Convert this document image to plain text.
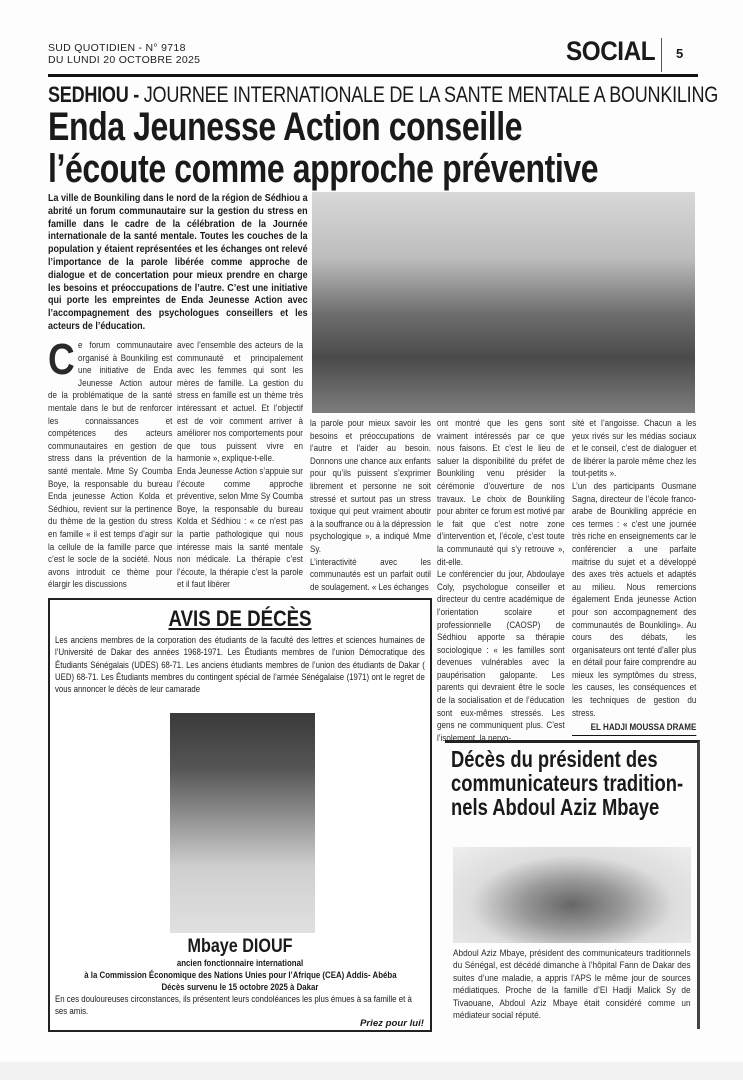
SUD QUOTIDIEN - N° 9718
DU LUNDI 20 OCTOBRE 2025	SOCIAL 5
SEDHIOU - JOURNEE INTERNATIONALE DE LA SANTE MENTALE A BOUNKILING
Enda Jeunesse Action conseille
l’écoute comme approche préventive
La ville de Bounkiling dans le nord de la région de Sédhiou a abrité un forum communautaire sur la gestion du stress en famille dans le cadre de la célébration de la Journée internationale de la santé mentale. Toutes les couches de la population y étaient représentées et les échanges ont relevé l’importance de la parole libérée comme approche de dialogue et de concertation pour mieux prendre en charge les besoins et préoccupations de l’autre. C’est une initiative qui porte les empreintes de Enda Jeunesse Action avec l’accompagnement des psychologues conseillers et les acteurs de l’éducation.
Ce forum communautaire organisé à Bounkiling est une initiative de Enda Jeunesse Action autour de la problématique de la santé mentale dans le but de renforcer les connaissances et compétences des acteurs communautaires en gestion de stress dans la prévention de la santé mentale. Mme Sy Coumba Boye, la responsable du bureau Enda jeunesse Action Kolda et Sédhiou, revient sur la pertinence du thème de la gestion du stress en famille « il est temps d’agir sur la cellule de la famille parce que c’est le socle de la société. Nous avons introduit ce thème pour élargir les discussions
avec l’ensemble des acteurs de la communauté et principalement avec les femmes qui sont les mères de famille. La gestion du stress en famille est un thème très intéressant et actuel. Et l’objectif est de voir comment arriver à améliorer nos comportements pour que tous puissent vivre en harmonie », explique-t-elle.
Enda Jeunesse Action s’appuie sur l’écoute comme approche préventive, selon Mme Sy Coumba Boye, la responsable du bureau Kolda et Sédhiou : « ce n’est pas la partie pathologique qui nous intéresse mais la santé mentale non médicale. La thérapie c’est l’écoute, la thérapie c’est la parole et il faut libérer
la parole pour mieux savoir les besoins et préoccupations de l’autre et l’aider au besoin. Donnons une chance aux enfants pour qu’ils puissent s’exprimer librement et personne ne soit stressé et surtout pas un stress toxique qui peut vraiment aboutir à la souffrance ou à la dépression psychologique », a indiqué Mme Sy.
L’interactivité avec les communautés est un parfait outil de soulagement. « Les échanges
ont montré que les gens sont vraiment intéressés par ce que nous faisons. Et c’est le lieu de saluer la disponibilité du préfet de Bounkiling venu présider la cérémonie d’ouverture de nos travaux. Le choix de Bounkiling pour abriter ce forum est motivé par le fait que c’est notre zone d’intervention et, l’école, c’est toute la communauté qui s’y retrouve », dit-elle.
Le conférencier du jour, Abdoulaye Coly, psychologue conseiller et directeur du centre académique de l’orientation scolaire et professionnelle (CAOSP) de Sédhiou apporte sa thérapie sociologique : « les familles sont devenues vulnérables avec la paupérisation galopante. Les parents qui devraient être le socle de la socialisation et de l’éducation sont eux-mêmes stressés. Les gens ne communiquent plus. C’est l’isolement, la nervo-
sité et l’angoisse. Chacun a les yeux rivés sur les médias sociaux et le conseil, c’est de dialoguer et de libérer la parole même chez les tout-petits ».
L’un des participants Ousmane Sagna, directeur de l’école franco-arabe de Bounkiling apprécie en ces termes : « c’est une journée très riche en enseignements car le conférencier a une parfaite maitrise du sujet et a développé des axes très actuels et adaptés au milieu. Nous remercions également Enda jeunesse Action pour son accompagnement des communautés de Bounkiling». Au cours des débats, les organisateurs ont tenté d’aller plus en détail pour faire comprendre au mieux les symptômes du stress, les causes, les conséquences et les techniques de gestion du stress.
EL HADJI MOUSSA DRAME
AVIS DE DÉCÈS
Les anciens membres de la corporation des étudiants de la faculté des lettres et sciences humaines de l’Université de Dakar des années 1968-1971. Les Étudiants membres de l’union Démocratique des Étudiants Sénégalais (UDES) 68-71. Les anciens étudiants membres de l’union des étudiants de Dakar ( UED) 68-71. Les Étudiants membres du contingent spécial de l’armée Sénégalaise (1971) ont le regret de vous annoncer le décès de leur camarade
Mbaye DIOUF
ancien fonctionnaire international
à la Commission Économique des Nations Unies pour l’Afrique (CEA) Addis- Abéba
Décès survenu le 15 octobre 2025 à Dakar
En ces douloureuses circonstances, ils présentent leurs condoléances les plus émues à sa famille et à ses amis.
Priez pour lui!
Décès du président des
communicateurs tradition-
nels Abdoul Aziz Mbaye
Abdoul Aziz Mbaye, président des communicateurs traditionnels du Sénégal, est décédé dimanche à l’hôpital Fann de Dakar des suites d’une maladie, a appris l’APS le même jour de sources médiatiques. Proche de la famille d’El Hadji Malick Sy de Tivaouane, Abdoul Aziz Mbaye était considéré comme un médiateur social réputé.
